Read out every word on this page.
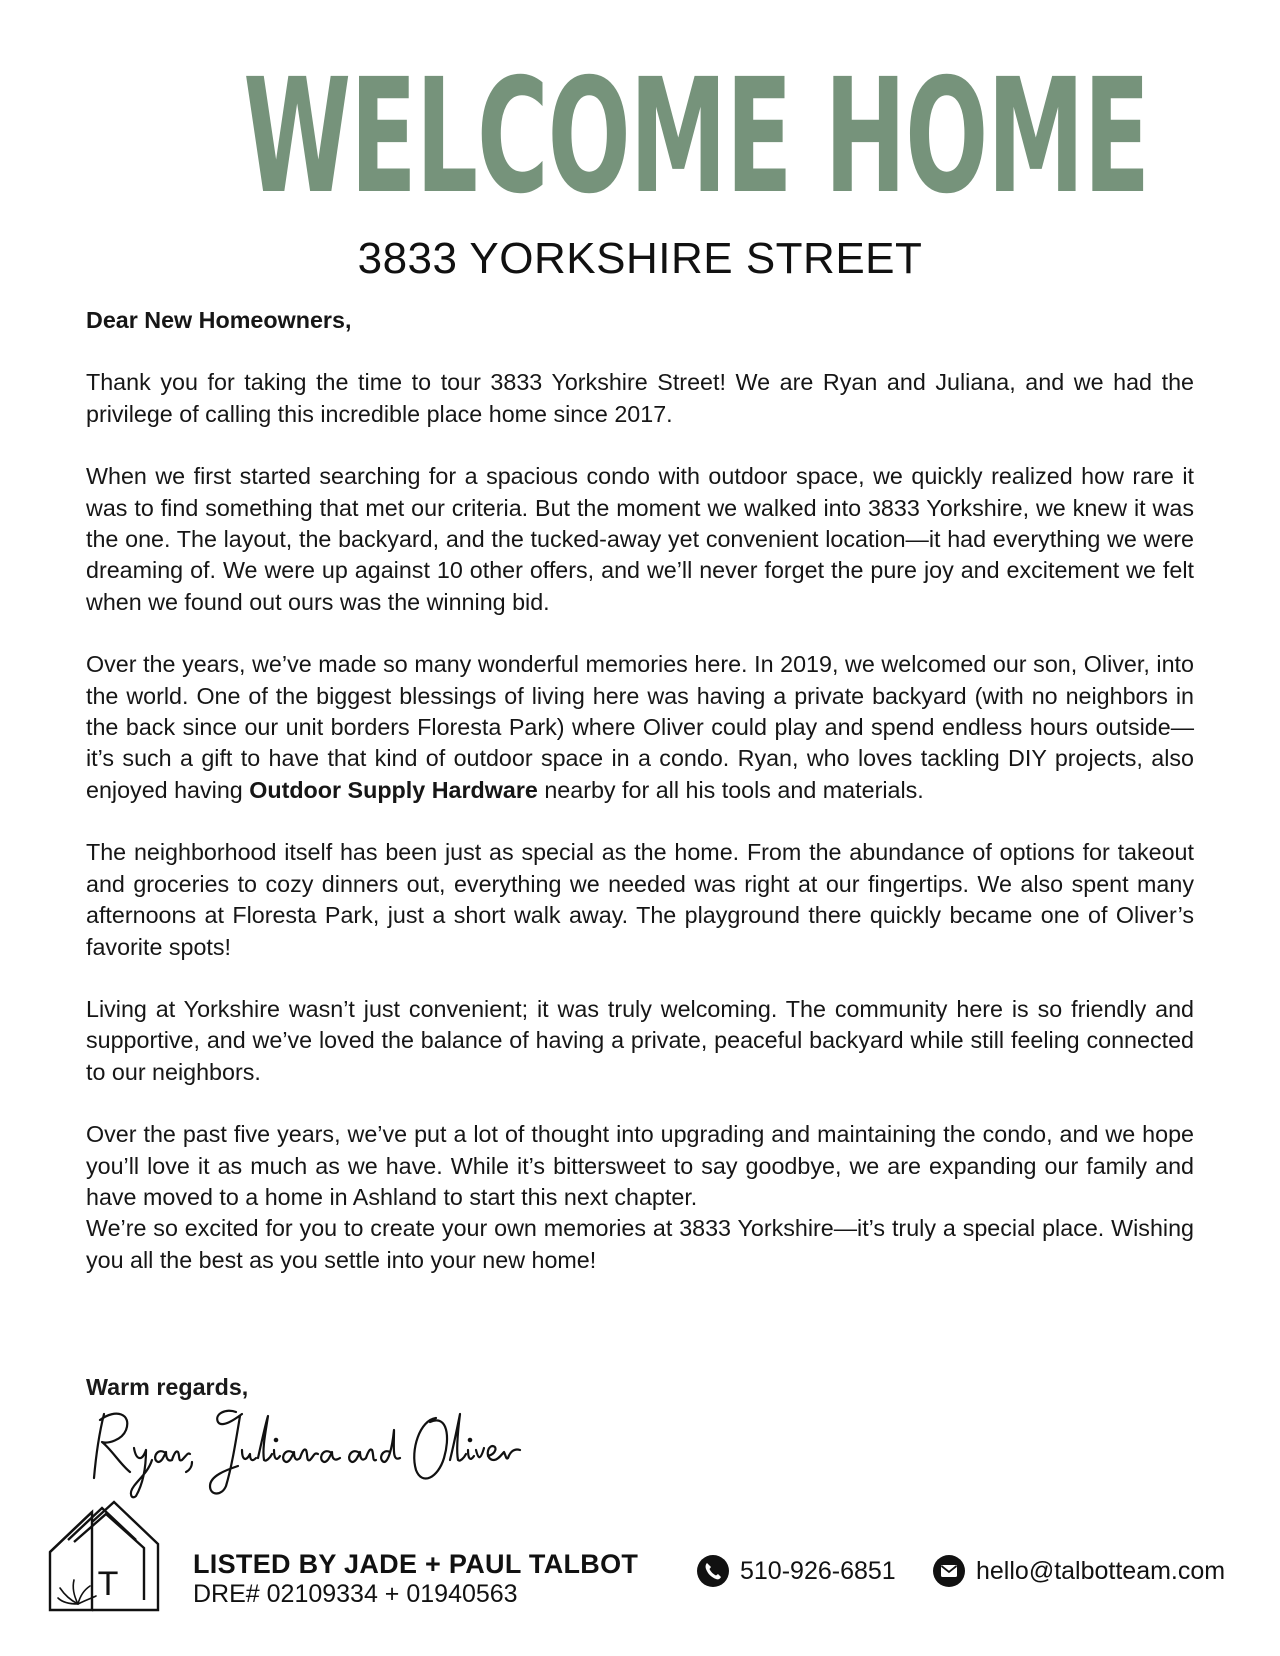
WELCOME HOME
3833 YORKSHIRE STREET
Dear New Homeowners,

Thank you for taking the time to tour 3833 Yorkshire Street! We are Ryan and Juliana, and we had the privilege of calling this incredible place home since 2017.

When we first started searching for a spacious condo with outdoor space, we quickly realized how rare it was to find something that met our criteria. But the moment we walked into 3833 Yorkshire, we knew it was the one. The layout, the backyard, and the tucked-away yet convenient location—it had everything we were dreaming of. We were up against 10 other offers, and we’ll never forget the pure joy and excitement we felt when we found out ours was the winning bid.

Over the years, we’ve made so many wonderful memories here. In 2019, we welcomed our son, Oliver, into the world. One of the biggest blessings of living here was having a private backyard (with no neighbors in the back since our unit borders Floresta Park) where Oliver could play and spend endless hours outside—it’s such a gift to have that kind of outdoor space in a condo. Ryan, who loves tackling DIY projects, also enjoyed having Outdoor Supply Hardware nearby for all his tools and materials.

The neighborhood itself has been just as special as the home. From the abundance of options for takeout and groceries to cozy dinners out, everything we needed was right at our fingertips. We also spent many afternoons at Floresta Park, just a short walk away. The playground there quickly became one of Oliver’s favorite spots!

Living at Yorkshire wasn’t just convenient; it was truly welcoming. The community here is so friendly and supportive, and we’ve loved the balance of having a private, peaceful backyard while still feeling connected to our neighbors.

Over the past five years, we’ve put a lot of thought into upgrading and maintaining the condo, and we hope you’ll love it as much as we have. While it’s bittersweet to say goodbye, we are expanding our family and have moved to a home in Ashland to start this next chapter.

We’re so excited for you to create your own memories at 3833 Yorkshire—it’s truly a special place. Wishing you all the best as you settle into your new home!

Warm regards,
T
LISTED BY JADE + PAUL TALBOT
DRE# 02109334 + 01940563
510-926-6851	hello@talbotteam.com
